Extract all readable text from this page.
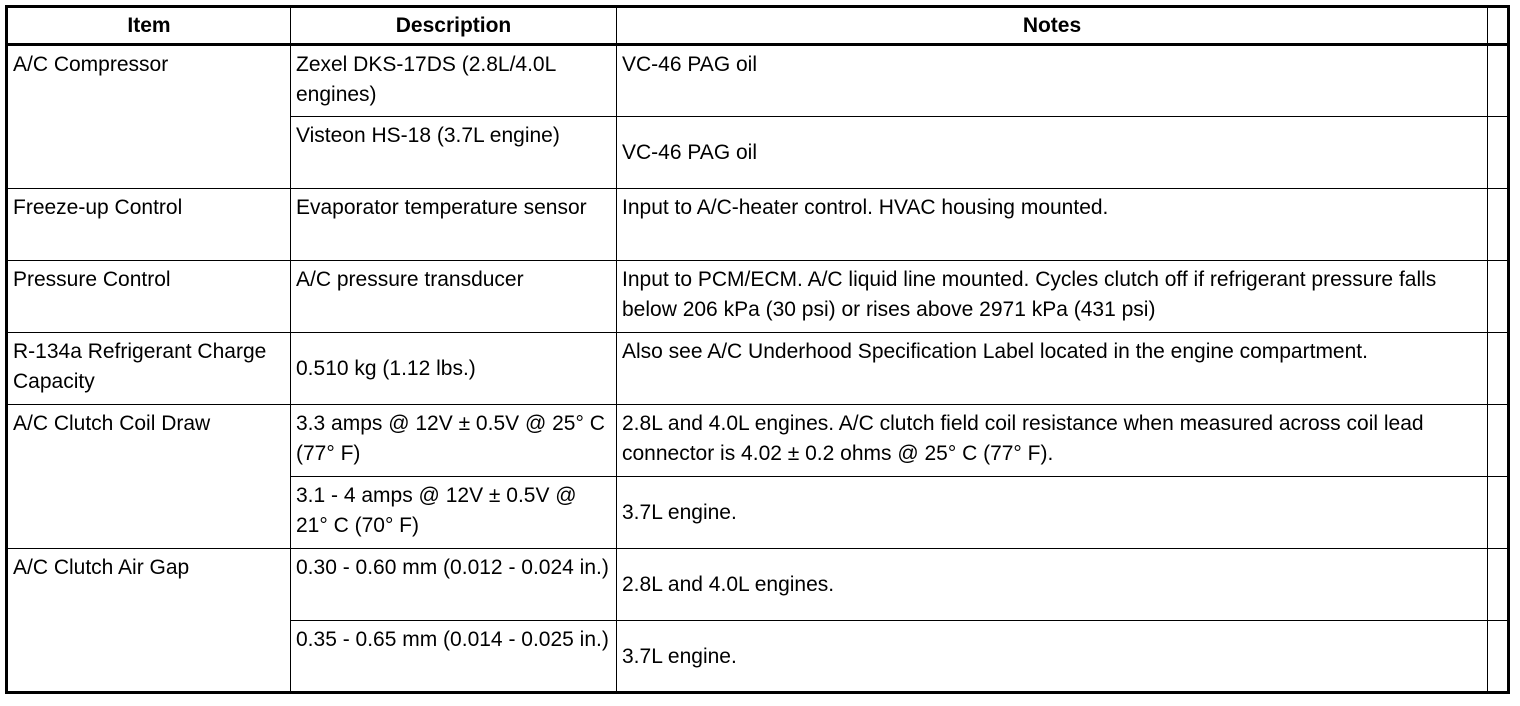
Item	Description	Notes	
A/C Compressor	Zexel DKS-17DS (2.8L/4.0L engines)	VC-46 PAG oil	
	Visteon HS-18 (3.7L engine)	VC-46 PAG oil	
Freeze-up Control	Evaporator temperature sensor	Input to A/C-heater control. HVAC housing mounted.	
Pressure Control	A/C pressure transducer	Input to PCM/ECM. A/C liquid line mounted. Cycles clutch off if refrigerant pressure falls below 206 kPa (30 psi) or rises above 2971 kPa (431 psi)	
R-134a Refrigerant Charge Capacity	0.510 kg (1.12 lbs.)	Also see A/C Underhood Specification Label located in the engine compartment.	
A/C Clutch Coil Draw	3.3 amps @ 12V ± 0.5V @ 25° C (77° F)	2.8L and 4.0L engines. A/C clutch field coil resistance when measured across coil lead connector is 4.02 ± 0.2 ohms @ 25° C (77° F).	
	3.1 - 4 amps @ 12V ± 0.5V @ 21° C (70° F)	3.7L engine.	
A/C Clutch Air Gap	0.30 - 0.60 mm (0.012 - 0.024 in.)	2.8L and 4.0L engines.	
	0.35 - 0.65 mm (0.014 - 0.025 in.)	3.7L engine.	
